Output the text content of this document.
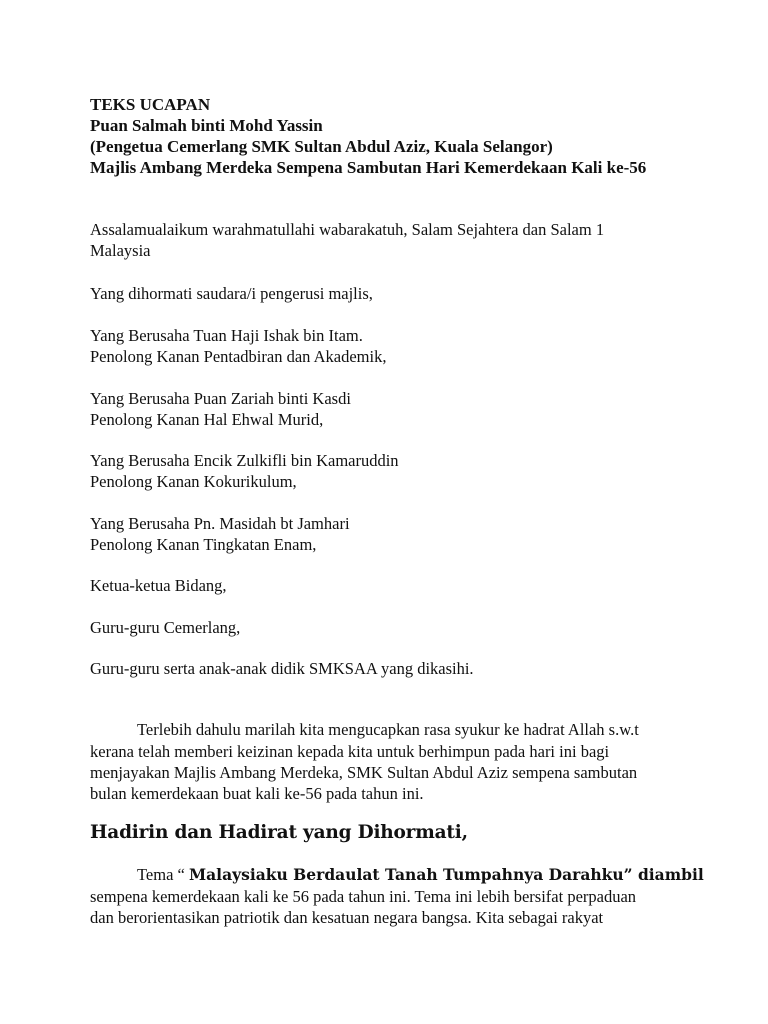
TEKS UCAPAN

Puan Salmah binti Mohd Yassin

(Pengetua Cemerlang SMK Sultan Abdul Aziz, Kuala Selangor)

Majlis Ambang Merdeka Sempena Sambutan Hari Kemerdekaan Kali ke-56

Assalamualaikum warahmatullahi wabarakatuh, Salam Sejahtera dan Salam 1

Malaysia

Yang dihormati saudara/i pengerusi majlis,

Yang Berusaha Tuan Haji Ishak bin Itam.

Penolong Kanan Pentadbiran dan Akademik,

Yang Berusaha Puan Zariah binti Kasdi

Penolong Kanan Hal Ehwal Murid,

Yang Berusaha Encik Zulkifli bin Kamaruddin

Penolong Kanan Kokurikulum,

Yang Berusaha Pn. Masidah bt Jamhari

Penolong Kanan Tingkatan Enam,

Ketua-ketua Bidang,

Guru-guru Cemerlang,

Guru-guru serta anak-anak didik SMKSAA yang dikasihi.

Terlebih dahulu marilah kita mengucapkan rasa syukur ke hadrat Allah s.w.t

kerana telah memberi keizinan kepada kita untuk berhimpun pada hari ini bagi

menjayakan Majlis Ambang Merdeka, SMK Sultan Abdul Aziz sempena sambutan

bulan kemerdekaan buat kali ke-56 pada tahun ini.

Hadirin dan Hadirat yang Dihormati,

Tema “ Malaysiaku Berdaulat Tanah Tumpahnya Darahku” diambil

sempena kemerdekaan kali ke 56 pada tahun ini. Tema ini lebih bersifat perpaduan

dan berorientasikan patriotik dan kesatuan negara bangsa. Kita sebagai rakyat
